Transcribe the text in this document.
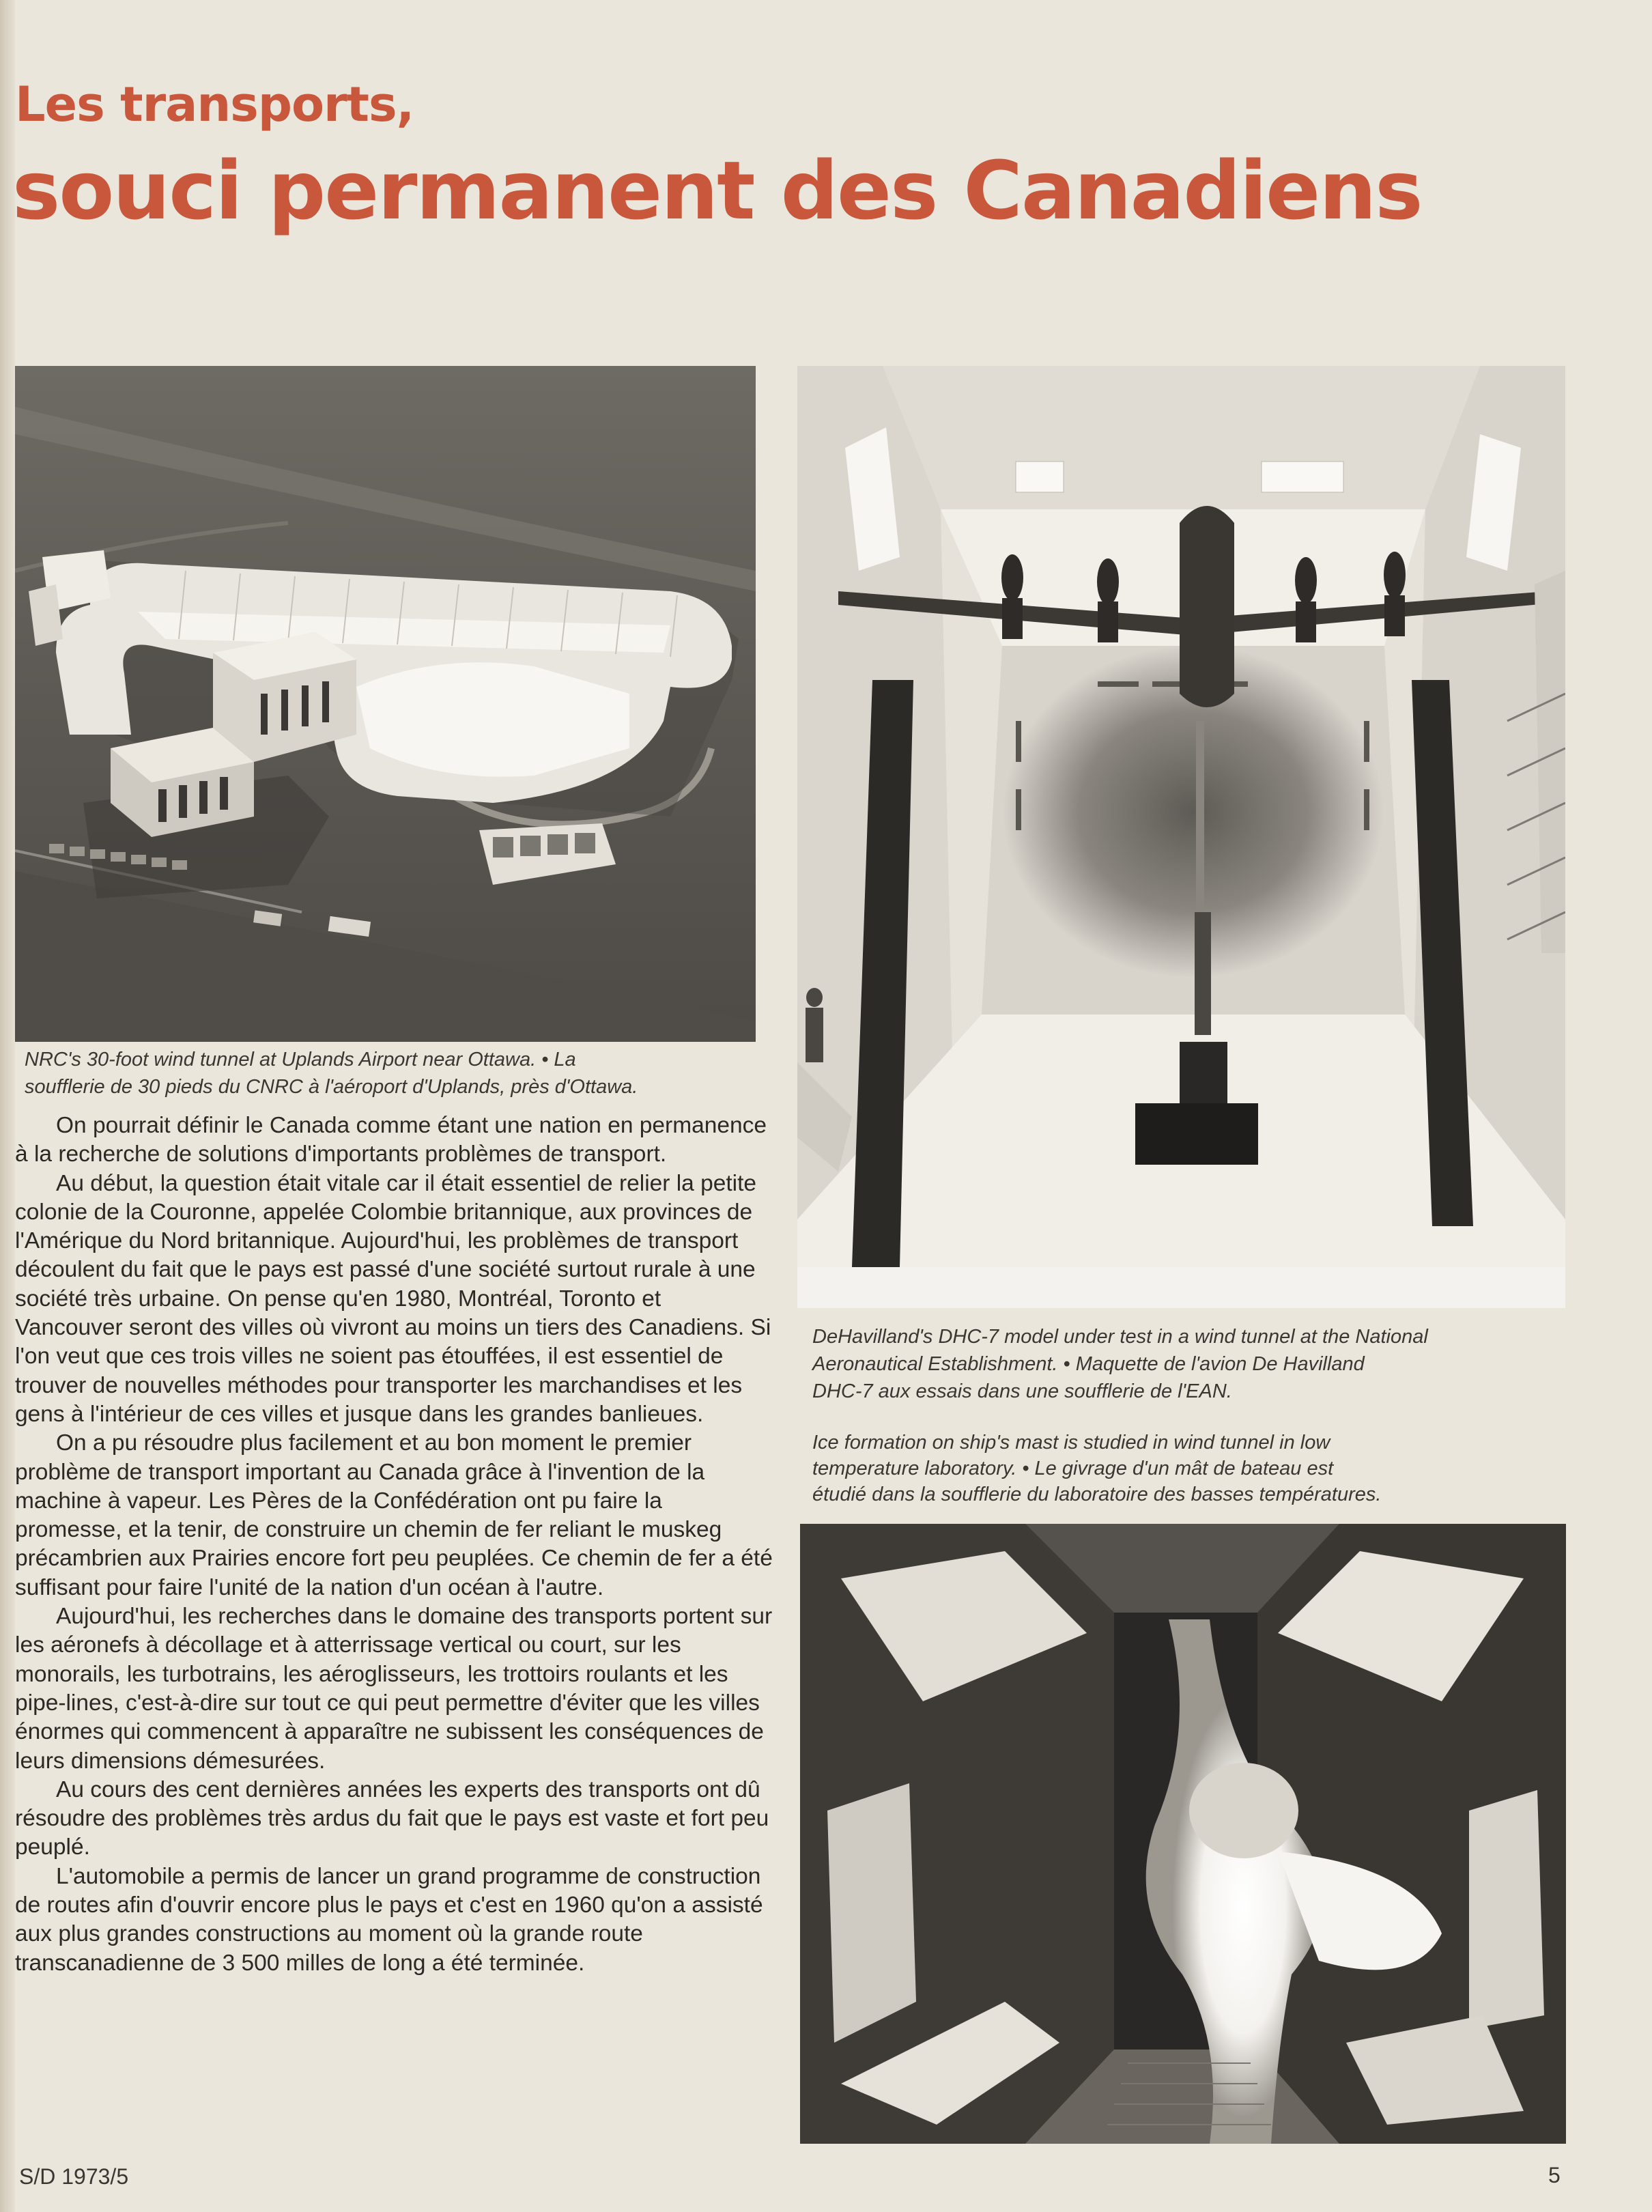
Les transports,
souci permanent des Canadiens
NRC's 30-foot wind tunnel at Uplands Airport near Ottawa. • La
soufflerie de 30 pieds du CNRC à l'aéroport d'Uplands, près d'Ottawa.
DeHavilland's DHC-7 model under test in a wind tunnel at the National
Aeronautical Establishment. • Maquette de l'avion De Havilland
DHC-7 aux essais dans une soufflerie de l'EAN.
Ice formation on ship's mast is studied in wind tunnel in low
temperature laboratory. • Le givrage d'un mât de bateau est
étudié dans la soufflerie du laboratoire des basses températures.

On pourrait définir le Canada comme étant une nation en permanence à la recherche de solutions d'importants problèmes de transport.

Au début, la question était vitale car il était essentiel de relier la petite colonie de la Couronne, appelée Colombie britannique, aux provinces de l'Amérique du Nord britannique. Aujourd'hui, les problèmes de transport découlent du fait que le pays est passé d'une société surtout rurale à une société très urbaine. On pense qu'en 1980, Montréal, Toronto et Vancouver seront des villes où vivront au moins un tiers des Canadiens. Si l'on veut que ces trois villes ne soient pas étouffées, il est essentiel de trouver de nouvelles méthodes pour transporter les marchandises et les gens à l'intérieur de ces villes et jusque dans les grandes banlieues.

On a pu résoudre plus facilement et au bon moment le premier problème de transport important au Canada grâce à l'invention de la machine à vapeur. Les Pères de la Confédération ont pu faire la promesse, et la tenir, de construire un chemin de fer reliant le muskeg précambrien aux Prairies encore fort peu peuplées. Ce chemin de fer a été suffisant pour faire l'unité de la nation d'un océan à l'autre.

Aujourd'hui, les recherches dans le domaine des transports portent sur les aéronefs à décollage et à atterrissage vertical ou court, sur les monorails, les turbotrains, les aéroglisseurs, les trottoirs roulants et les pipe-lines, c'est-à-dire sur tout ce qui peut permettre d'éviter que les villes énormes qui commencent à apparaître ne subissent les conséquences de leurs dimensions démesurées.

Au cours des cent dernières années les experts des transports ont dû résoudre des problèmes très ardus du fait que le pays est vaste et fort peu peuplé.

L'automobile a permis de lancer un grand programme de construction de routes afin d'ouvrir encore plus le pays et c'est en 1960 qu'on a assisté aux plus grandes constructions au moment où la grande route transcanadienne de 3 500 milles de long a été terminée.

S/D 1973/5	5
